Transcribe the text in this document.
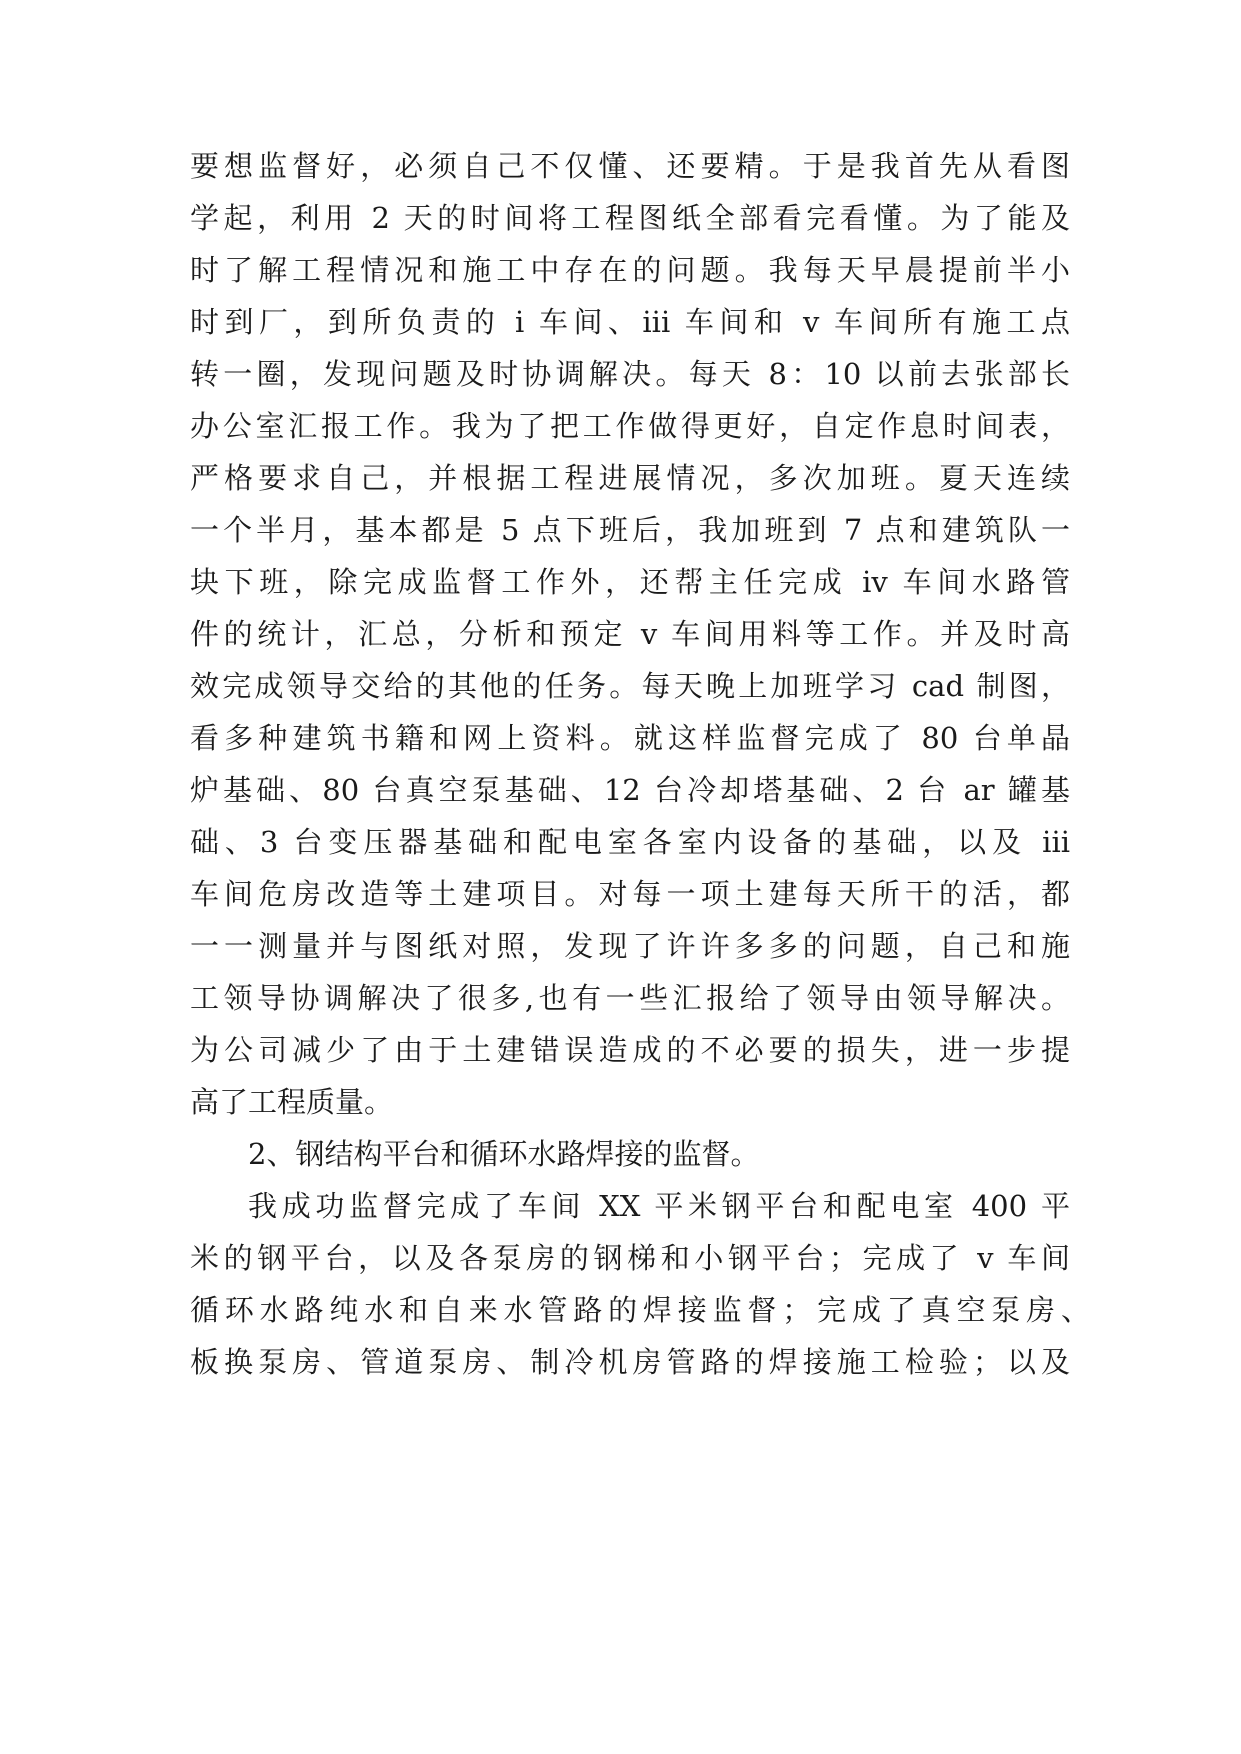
要想监督好，必须自己不仅懂、还要精。于是我首先从看图
学起，利用 2 天的时间将工程图纸全部看完看懂。为了能及
时了解工程情况和施工中存在的问题。我每天早晨提前半小
时到厂，到所负责的 i 车间、iii 车间和 v 车间所有施工点
转一圈，发现问题及时协调解决。每天 8：10 以前去张部长
办公室汇报工作。我为了把工作做得更好，自定作息时间表，
严格要求自己，并根据工程进展情况，多次加班。夏天连续
一个半月，基本都是 5 点下班后，我加班到 7 点和建筑队一
块下班，除完成监督工作外，还帮主任完成 iv 车间水路管
件的统计，汇总，分析和预定 v 车间用料等工作。并及时高
效完成领导交给的其他的任务。每天晚上加班学习 cad 制图，
看多种建筑书籍和网上资料。就这样监督完成了 80 台单晶
炉基础、80 台真空泵基础、12 台冷却塔基础、2 台 ar 罐基
础、3 台变压器基础和配电室各室内设备的基础，以及 iii
车间危房改造等土建项目。对每一项土建每天所干的活，都
一一测量并与图纸对照，发现了许许多多的问题，自己和施
工领导协调解决了很多,也有一些汇报给了领导由领导解决。
为公司减少了由于土建错误造成的不必要的损失，进一步提
高了工程质量。
2、钢结构平台和循环水路焊接的监督。
我成功监督完成了车间 XX 平米钢平台和配电室 400 平
米的钢平台，以及各泵房的钢梯和小钢平台；完成了 v 车间
循环水路纯水和自来水管路的焊接监督；完成了真空泵房、
板换泵房、管道泵房、制冷机房管路的焊接施工检验；以及
